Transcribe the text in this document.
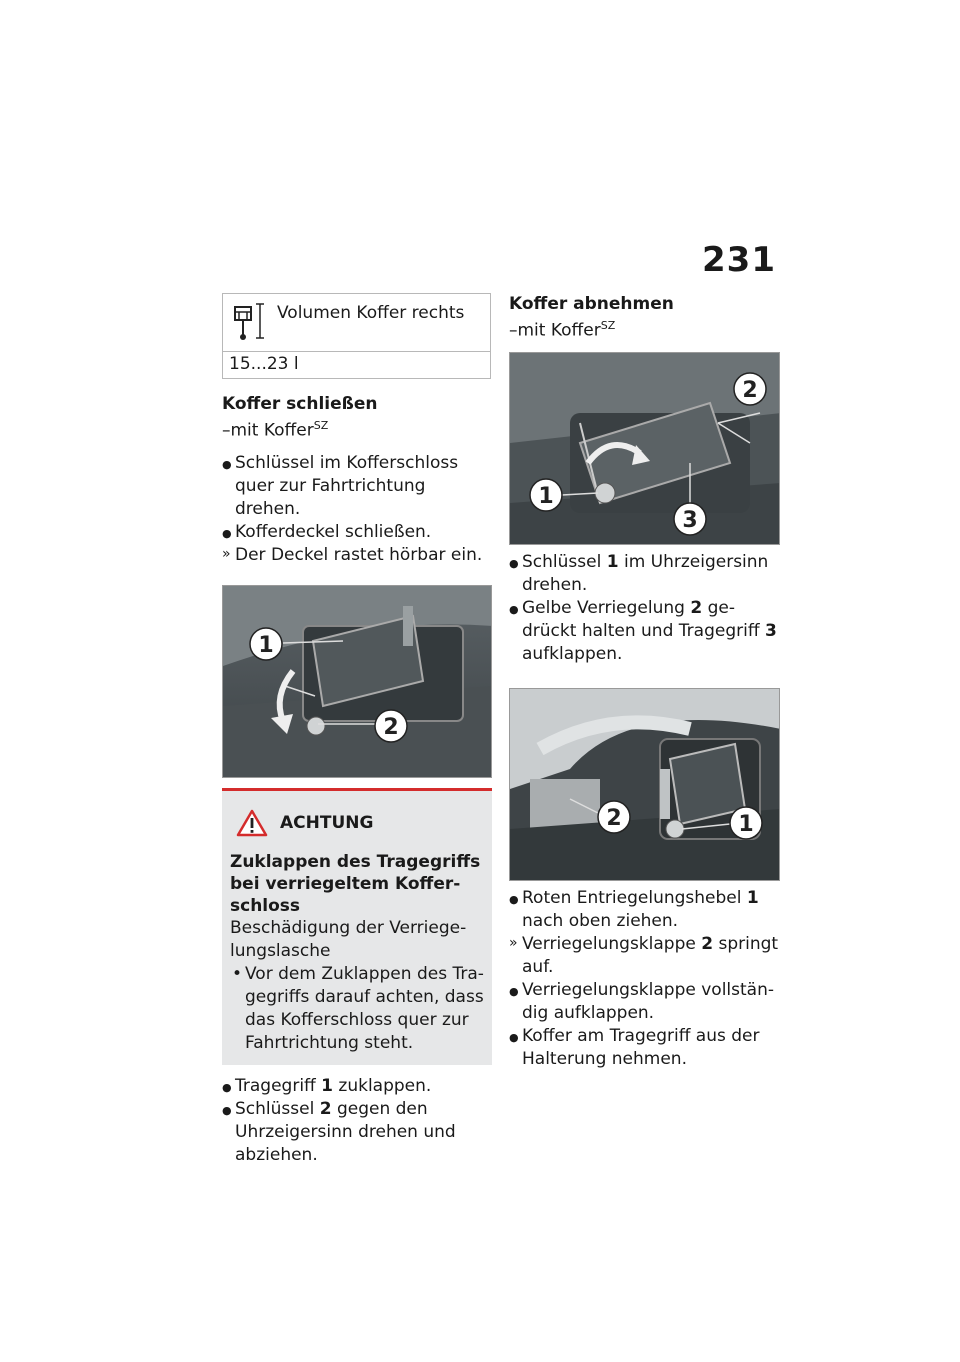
231
Volumen Koffer rechts
15...23 l
Koffer schließen
–mit Koffer$^{SZ}$
● Schlüssel im Kofferschloss quer zur Fahrtrichtung drehen.
● Kofferdeckel schließen.
» Der Deckel rastet hörbar ein.
1
2
ACHTUNG
Zuklappen des Tragegriffs bei verriegeltem Kofferschloss
Beschädigung der Verriegelungslasche
• Vor dem Zuklappen des Tragegriffs darauf achten, dass das Kofferschloss quer zur Fahrtrichtung steht.
● Tragegriff 1 zuklappen.
● Schlüssel 2 gegen den Uhrzeigersinn drehen und abziehen.
Koffer abnehmen
–mit Koffer$^{SZ}$
2
1
3
● Schlüssel 1 im Uhrzeigersinn drehen.
● Gelbe Verriegelung 2 gedrückt halten und Tragegriff 3 aufklappen.
2	1
● Roten Entriegelungshebel 1 nach oben ziehen.
» Verriegelungsklappe 2 springt auf.
● Verriegelungsklappe vollständig aufklappen.
● Koffer am Tragegriff aus der Halterung nehmen.
